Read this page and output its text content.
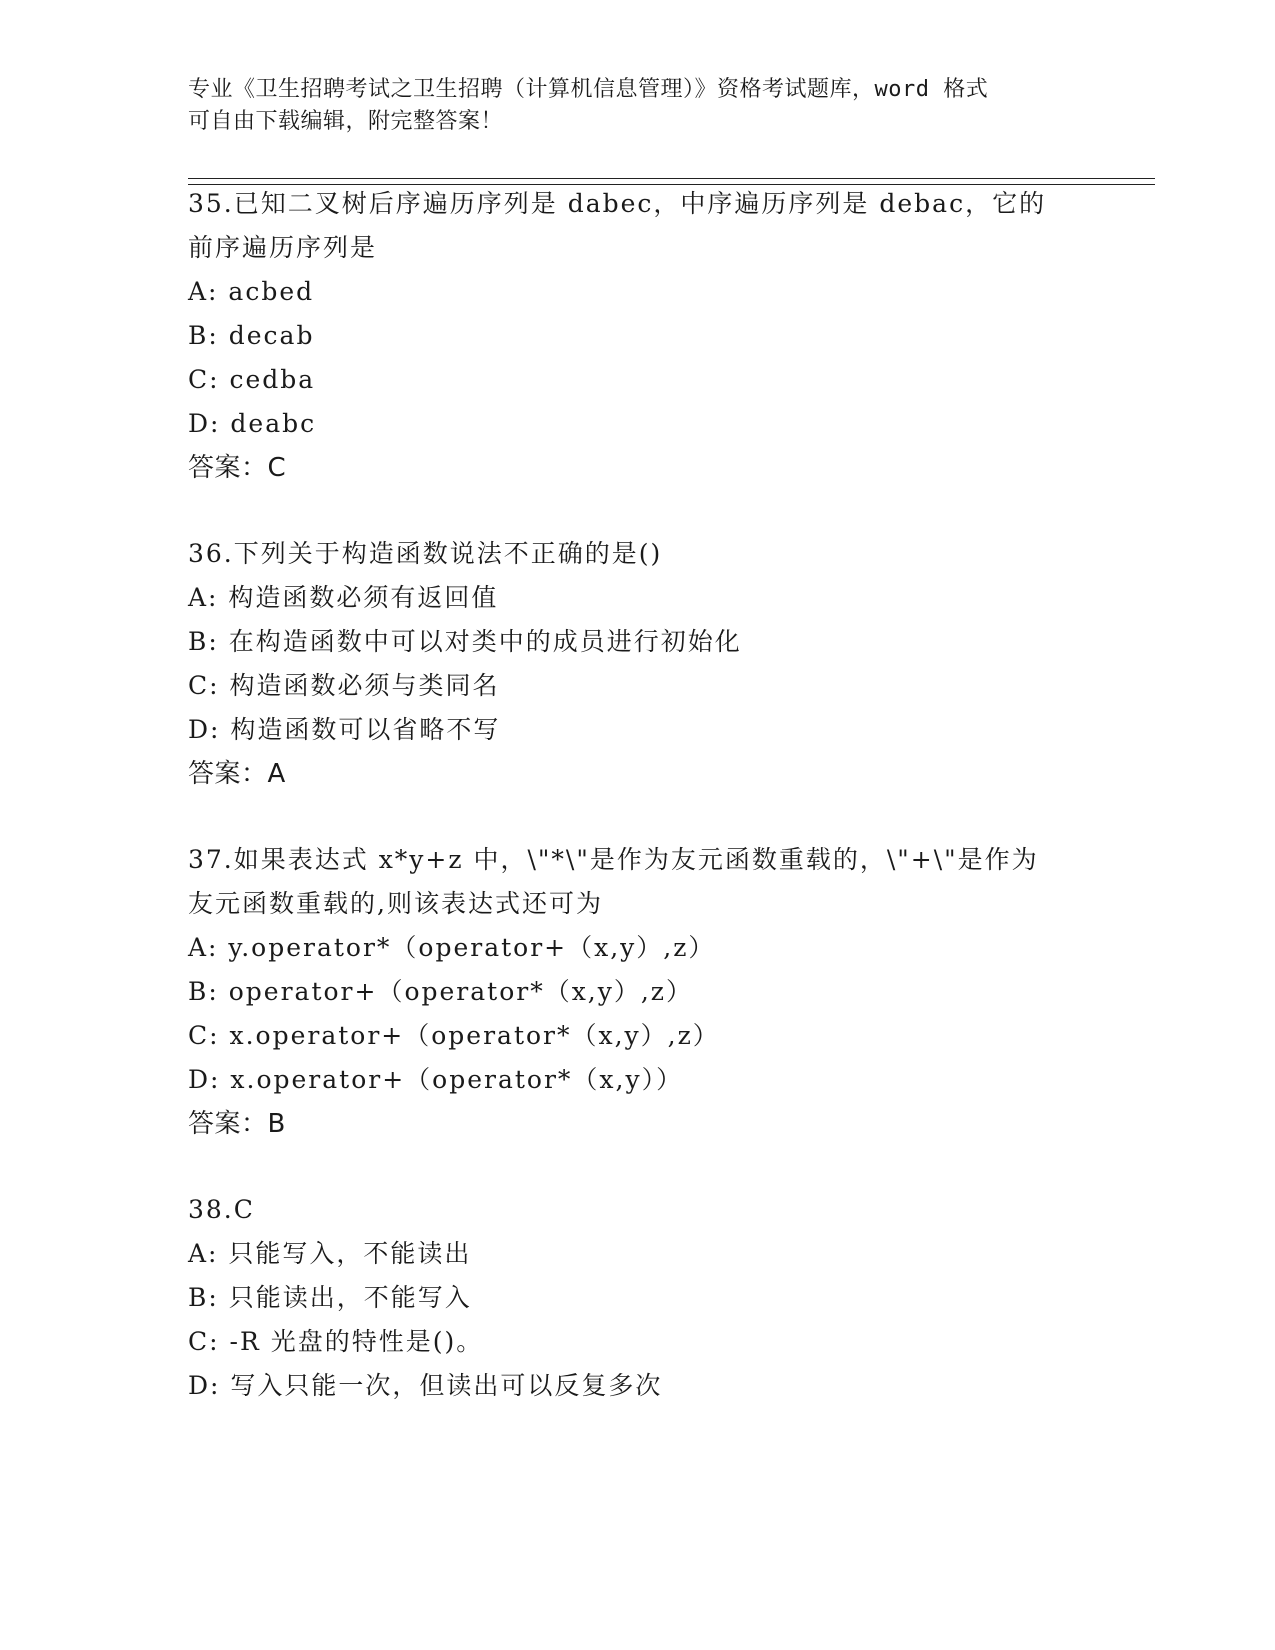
专业《卫生招聘考试之卫生招聘（计算机信息管理）》资格考试题库，word 格式
可自由下载编辑，附完整答案！
35.已知二叉树后序遍历序列是 dabec，中序遍历序列是 debac，它的
前序遍历序列是
A: acbed
B: decab
C: cedba
D: deabc
答案：C
36.下列关于构造函数说法不正确的是()
A: 构造函数必须有返回值
B: 在构造函数中可以对类中的成员进行初始化
C: 构造函数必须与类同名
D: 构造函数可以省略不写
答案：A
37.如果表达式 x*y+z 中，\"*\"是作为友元函数重载的，\"+\"是作为
友元函数重载的,则该表达式还可为
A: y.operator*（operator+（x,y）,z）
B: operator+（operator*（x,y）,z）
C: x.operator+（operator*（x,y）,z）
D: x.operator+（operator*（x,y））
答案：B
38.C
A: 只能写入，不能读出
B: 只能读出，不能写入
C: -R 光盘的特性是()。
D: 写入只能一次，但读出可以反复多次
